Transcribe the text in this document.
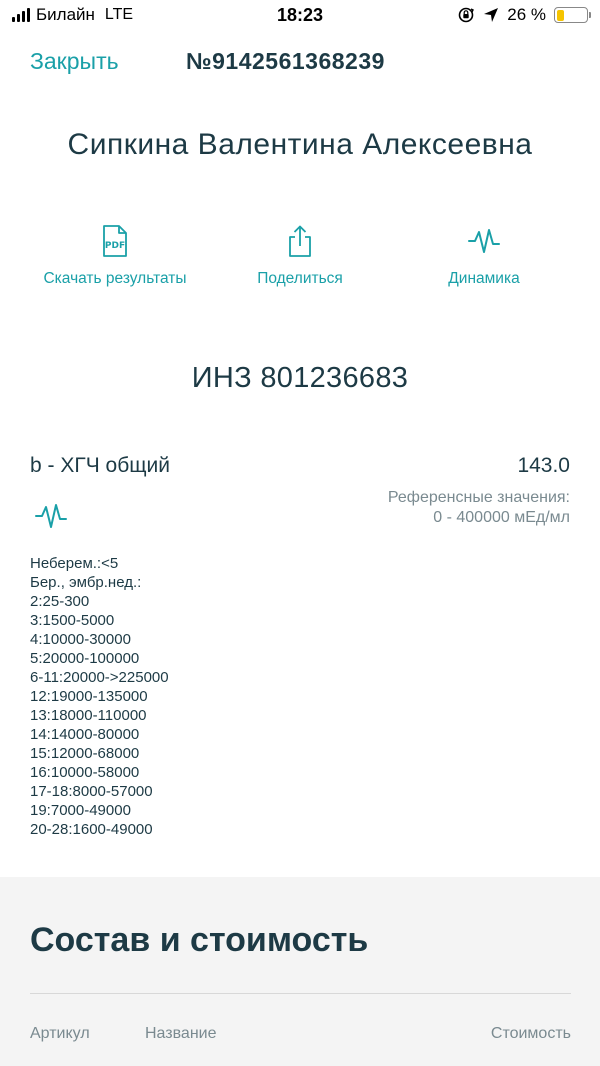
Билайн LTE	18:23	26 %
Закрыть	№9142561368239
Сипкина Валентина Алексеевна
PDF
Скачать результаты	Поделиться	Динамика
ИНЗ 801236683
b - ХГЧ общий	143.0
Референсные значения:
0 - 400000 мЕд/мл
Неберем.:<5
Бер., эмбр.нед.:
2:25-300
3:1500-5000
4:10000-30000
5:20000-100000
6-11:20000->225000
12:19000-135000
13:18000-110000
14:14000-80000
15:12000-68000
16:10000-58000
17-18:8000-57000
19:7000-49000
20-28:1600-49000
Состав и стоимость
Артикул	Название	Стоимость
